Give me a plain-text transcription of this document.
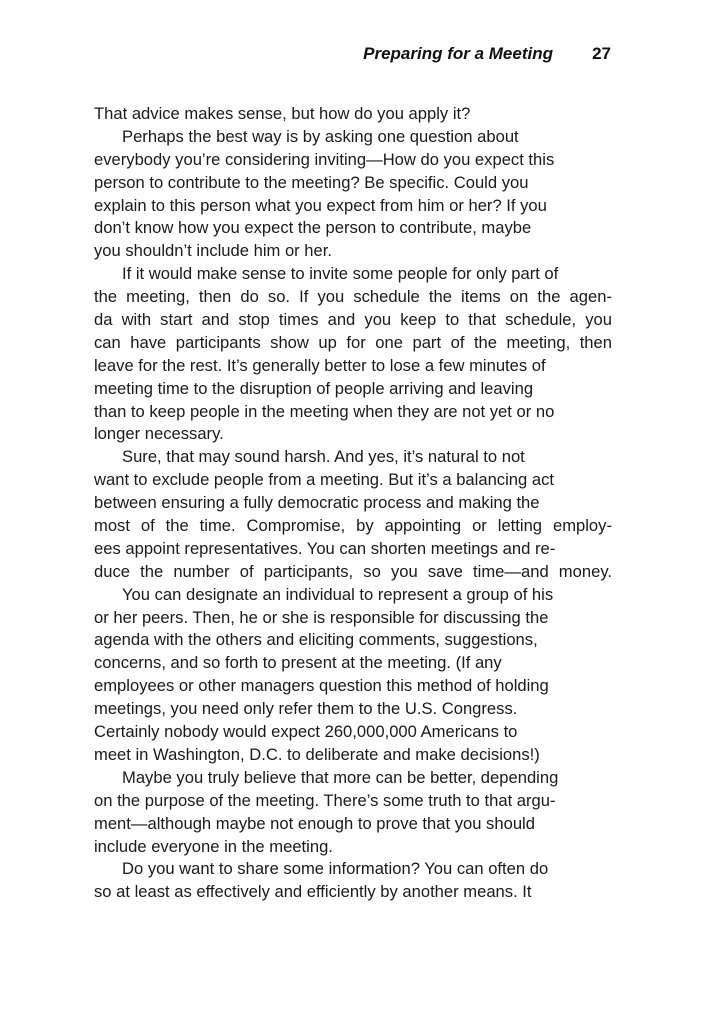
Preparing for a Meeting 27
That advice makes sense, but how do you apply it?
Perhaps the best way is by asking one question about
everybody you’re considering inviting—How do you expect this
person to contribute to the meeting? Be specific. Could you
explain to this person what you expect from him or her? If you
don’t know how you expect the person to contribute, maybe
you shouldn’t include him or her.
If it would make sense to invite some people for only part of
the meeting, then do so. If you schedule the items on the agen-
da with start and stop times and you keep to that schedule, you
can have participants show up for one part of the meeting, then
leave for the rest. It’s generally better to lose a few minutes of
meeting time to the disruption of people arriving and leaving
than to keep people in the meeting when they are not yet or no
longer necessary.
Sure, that may sound harsh. And yes, it’s natural to not
want to exclude people from a meeting. But it’s a balancing act
between ensuring a fully democratic process and making the
most of the time. Compromise, by appointing or letting employ-
ees appoint representatives. You can shorten meetings and re-
duce the number of participants, so you save time—and money.
You can designate an individual to represent a group of his
or her peers. Then, he or she is responsible for discussing the
agenda with the others and eliciting comments, suggestions,
concerns, and so forth to present at the meeting. (If any
employees or other managers question this method of holding
meetings, you need only refer them to the U.S. Congress.
Certainly nobody would expect 260,000,000 Americans to
meet in Washington, D.C. to deliberate and make decisions!)
Maybe you truly believe that more can be better, depending
on the purpose of the meeting. There’s some truth to that argu-
ment—although maybe not enough to prove that you should
include everyone in the meeting.
Do you want to share some information? You can often do
so at least as effectively and efficiently by another means. It
